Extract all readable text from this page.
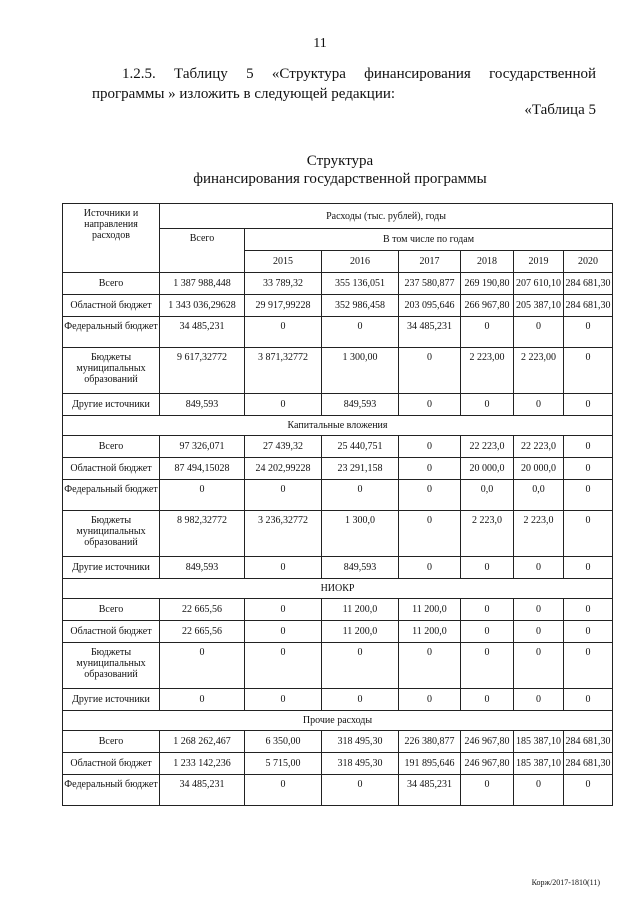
11
1.2.5. Таблицу 5 «Структура финансирования государственной
программы » изложить в следующей редакции:
«Таблица 5
Структура
финансирования государственной программы
Источники и направления расходов	Расходы (тыс. рублей), годы						
	Всего	В том числе по годам					
		2015	2016	2017	2018	2019	2020
Всего	1 387 988,448	33 789,32	355 136,051	237 580,877	269 190,80	207 610,10	284 681,30
Областной бюджет	1 343 036,29628	29 917,99228	352 986,458	203 095,646	266 967,80	205 387,10	284 681,30
Федеральный бюджет	34 485,231	0	0	34 485,231	0	0	0
Бюджеты муниципальных образований	9 617,32772	3 871,32772	1 300,00	0	2 223,00	2 223,00	0
Другие источники	849,593	0	849,593	0	0	0	0
Капитальные вложения							
Всего	97 326,071	27 439,32	25 440,751	0	22 223,0	22 223,0	0
Областной бюджет	87 494,15028	24 202,99228	23 291,158	0	20 000,0	20 000,0	0
Федеральный бюджет	0	0	0	0	0,0	0,0	0
Бюджеты муниципальных образований	8 982,32772	3 236,32772	1 300,0	0	2 223,0	2 223,0	0
Другие источники	849,593	0	849,593	0	0	0	0
НИОКР							
Всего	22 665,56	0	11 200,0	11 200,0	0	0	0
Областной бюджет	22 665,56	0	11 200,0	11 200,0	0	0	0
Бюджеты муниципальных образований	0	0	0	0	0	0	0
Другие источники	0	0	0	0	0	0	0
Прочие расходы							
Всего	1 268 262,467	6 350,00	318 495,30	226 380,877	246 967,80	185 387,10	284 681,30
Областной бюджет	1 233 142,236	5 715,00	318 495,30	191 895,646	246 967,80	185 387,10	284 681,30
Федеральный бюджет	34 485,231	0	0	34 485,231	0	0	0
Корж/2017-1810(11)
